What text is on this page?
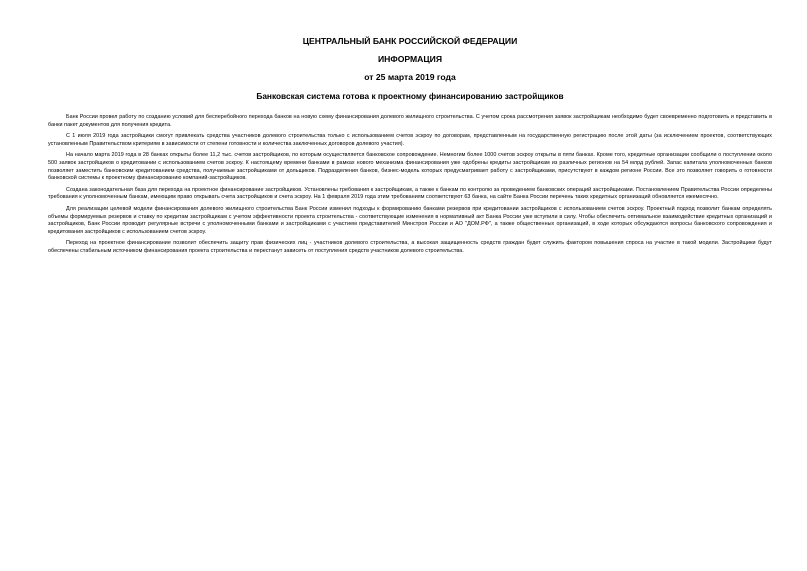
ЦЕНТРАЛЬНЫЙ БАНК РОССИЙСКОЙ ФЕДЕРАЦИИ
ИНФОРМАЦИЯ
от 25 марта 2019 года
Банковская система готова к проектному финансированию застройщиков

Банк России провел работу по созданию условий для бесперебойного перехода банков на новую схему финансирования долевого жилищного строительства. С учетом срока рассмотрения заявок застройщикам необходимо будет своевременно подготовить и представить в банки пакет документов для получения кредита.

С 1 июля 2019 года застройщики смогут привлекать средства участников долевого строительства только с использованием счетов эскроу по договорам, представленным на государственную регистрацию после этой даты (за исключением проектов, соответствующих установленным Правительством критериям в зависимости от степени готовности и количества заключенных договоров долевого участия).

На начало марта 2019 года в 28 банках открыты более 11,2 тыс. счетов застройщиков, по которым осуществляется банковское сопровождение. Немногим более 1000 счетов эскроу открыты в пяти банках. Кроме того, кредитные организации сообщили о поступлении около 500 заявок застройщиков о кредитовании с использованием счетов эскроу. К настоящему времени банками в рамках нового механизма финансирования уже одобрены кредиты застройщикам из различных регионов на 54 млрд рублей. Запас капитала уполномоченных банков позволяет заместить банковским кредитованием средства, получаемые застройщиками от дольщиков. Подразделения банков, бизнес-модель которых предусматривает работу с застройщиками, присутствуют в каждом регионе России. Все это позволяет говорить о готовности банковской системы к проектному финансированию компаний-застройщиков.

Создана законодательная база для перехода на проектное финансирование застройщиков. Установлены требования к застройщикам, а также к банкам по контролю за проведением банковских операций застройщиками. Постановлением Правительства России определены требования к уполномоченным банкам, имеющим право открывать счета застройщиков и счета эскроу. На 1 февраля 2019 года этим требованиям соответствуют 63 банка, на сайте Банка России перечень таких кредитных организаций обновляется ежемесячно.

Для реализации целевой модели финансирования долевого жилищного строительства Банк России изменил подходы к формированию банками резервов при кредитовании застройщиков с использованием счетов эскроу. Проектный подход позволит банкам определять объемы формируемых резервов и ставку по кредитам застройщикам с учетом эффективности проекта строительства - соответствующие изменения в нормативный акт Банка России уже вступили в силу. Чтобы обеспечить оптимальное взаимодействие кредитных организаций и застройщиков, Банк России проводит регулярные встречи с уполномоченными банками и застройщиками с участием представителей Минстроя России и АО "ДОМ.РФ", а также общественных организаций, в ходе которых обсуждаются вопросы банковского сопровождения и кредитования застройщиков с использованием счетов эскроу.

Переход на проектное финансирование позволит обеспечить защиту прав физических лиц - участников долевого строительства, а высокая защищенность средств граждан будет служить фактором повышения спроса на участие в такой модели. Застройщики будут обеспечены стабильным источником финансирования проекта строительства и перестанут зависеть от поступления средств участников долевого строительства.
